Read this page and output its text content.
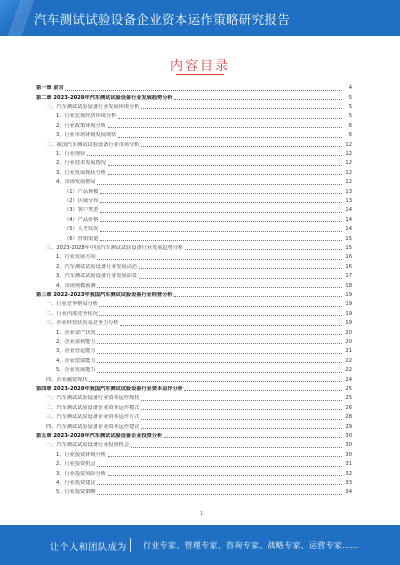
汽车测试试验设备企业资本运作策略研究报告
内容目录
第一章 前言	4
第二章 2023-2028年汽车测试试验设备行业发展趋势分析	5
一、汽车测试试验设备行业发展环境分析	5
1、行业宏观经济环境分析	5
2、行业政策环境分析	6
3、行业市场环境发展现状	6
二、我国汽车测试试验设备行业市场分析	12
1、行业现状	12
2、行业技术发展情况	12
3、行业发展现状分析	12
4、市场发展格局	12
（1）产品规模	13
（2）区域分布	13
（3）客户类型	14
（4）产品价格	14
（5）人才状况	14
（6）营销渠道	15
三、2023-2028年中国汽车测试试验设备行业发展趋势分析	15
1、行业发展方向	16
2、汽车测试试验设备行业发展动态	16
3、汽车测试试验设备行业发展前景	17
4、市场规模预测	18
第三章 2022-2023年我国汽车测试试验设备行业经营分析	19
一、行业竞争格局分析	19
二、行业内部竞争状况	19
三、企业经营状况及竞争力分析	19
1、企业资产状况	20
2、企业盈利能力	20
3、企业营运能力	21
4、企业偿债能力	22
5、企业发展能力	22
四、企业融资现状	24
第四章 2023-2028年我国汽车测试试验设备行业资本运作分析	25
一、汽车测试试验设备行业资本运作现状	25
二、汽车测试试验设备企业资本运作模式	26
三、汽车测试试验设备企业资本运作方式	28
四、汽车测试试验设备企业资本运作建议	29
第五章 2023-2028年汽车测试试验设备企业投资分析	30
一、汽车测试试验设备行业投资机会	30
1、行业投资环境分析	30
2、行业投资机会	31
3、行业投资风险分析	32
4、行业投资建议	33
5、行业投资策略	34
1
让个人和团队成为 行业专家、管理专家、咨询专家、战略专家、运营专家……
